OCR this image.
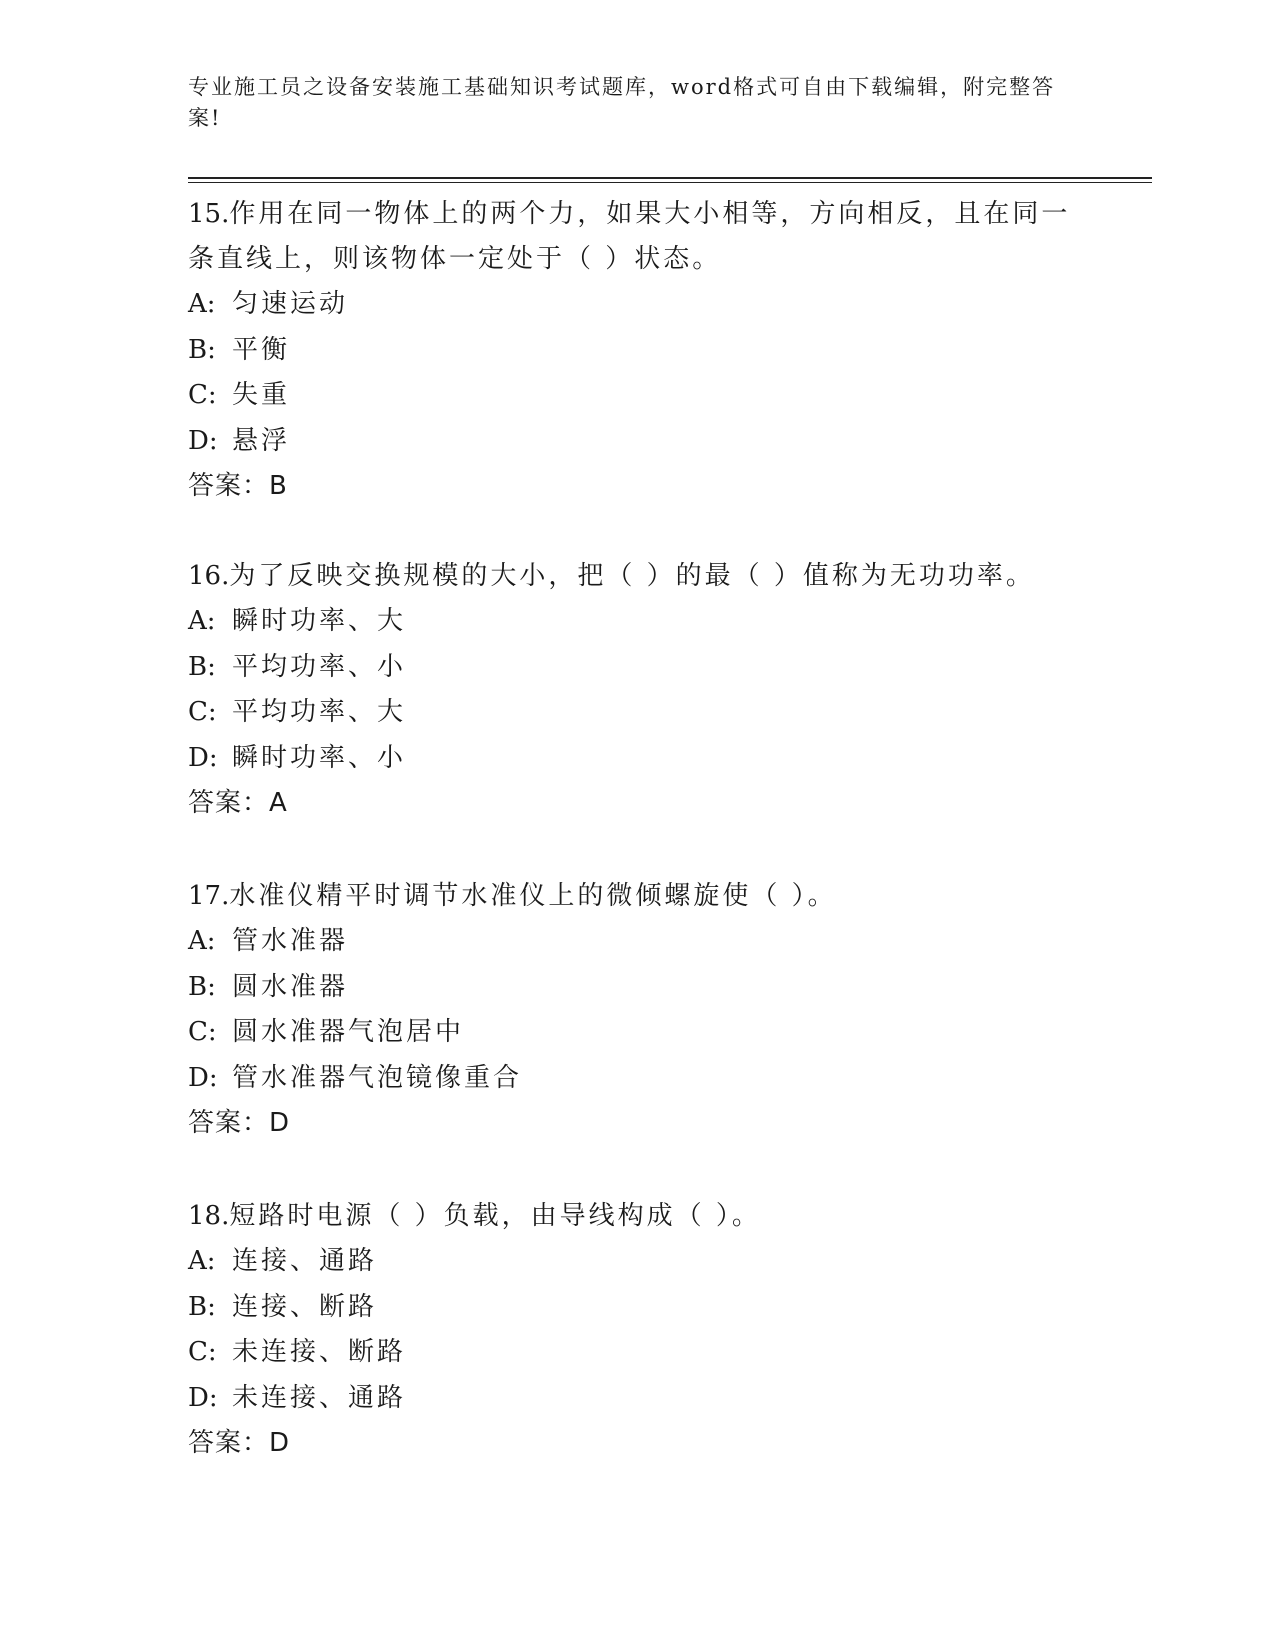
专业施工员之设备安装施工基础知识考试题库，word格式可自由下载编辑，附完整答案!

15.作用在同一物体上的两个力，如果大小相等，方向相反，且在同一条直线上，则该物体一定处于（ ）状态。

A: 匀速运动

B: 平衡

C: 失重

D: 悬浮

答案：B

16.为了反映交换规模的大小，把（ ）的最（ ）值称为无功功率。

A: 瞬时功率、大

B: 平均功率、小

C: 平均功率、大

D: 瞬时功率、小

答案：A

17.水准仪精平时调节水准仪上的微倾螺旋使（ ）。

A: 管水准器

B: 圆水准器

C: 圆水准器气泡居中

D: 管水准器气泡镜像重合

答案：D

18.短路时电源（ ）负载，由导线构成（ ）。

A: 连接、通路

B: 连接、断路

C: 未连接、断路

D: 未连接、通路

答案：D
